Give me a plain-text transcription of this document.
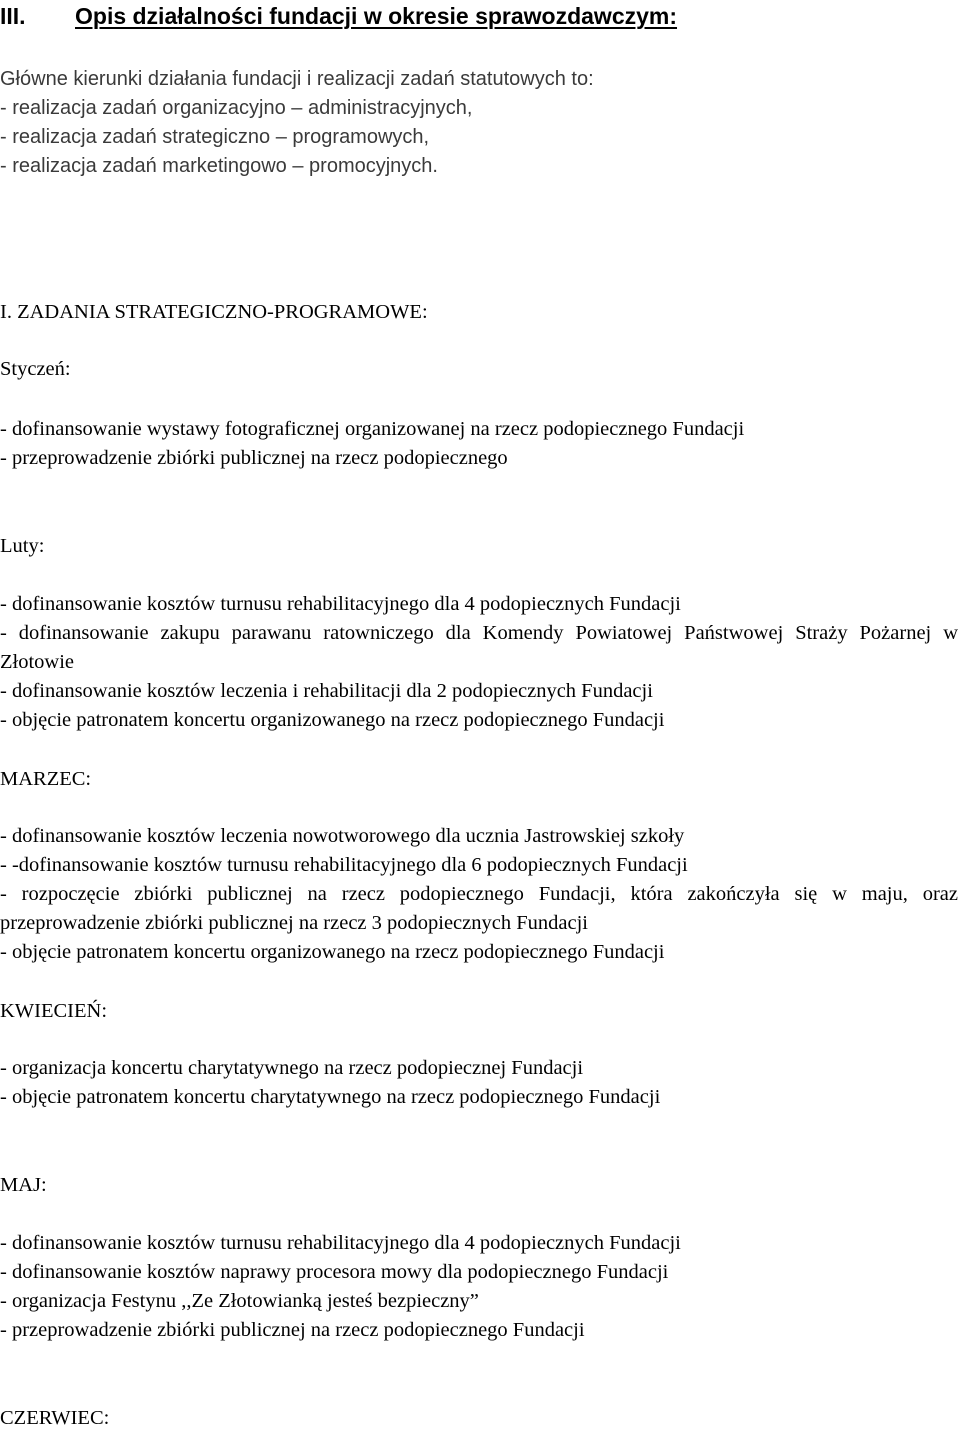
III. Opis działalności fundacji w okresie sprawozdawczym:
Główne kierunki działania fundacji i realizacji zadań statutowych to:
- realizacja zadań organizacyjno – administracyjnych,
- realizacja zadań strategiczno – programowych,
- realizacja zadań marketingowo – promocyjnych.
I. ZADANIA STRATEGICZNO-PROGRAMOWE:
Styczeń:
- dofinansowanie wystawy fotograficznej organizowanej na rzecz podopiecznego Fundacji
- przeprowadzenie zbiórki publicznej na rzecz podopiecznego
Luty:
- dofinansowanie kosztów turnusu rehabilitacyjnego dla 4 podopiecznych Fundacji
- dofinansowanie zakupu parawanu ratowniczego dla Komendy Powiatowej Państwowej Straży Pożarnej w Złotowie
- dofinansowanie kosztów leczenia i rehabilitacji dla 2 podopiecznych Fundacji
- objęcie patronatem koncertu organizowanego na rzecz podopiecznego Fundacji
MARZEC:
- dofinansowanie kosztów leczenia nowotworowego dla ucznia Jastrowskiej szkoły
- -dofinansowanie kosztów turnusu rehabilitacyjnego dla 6 podopiecznych Fundacji
- rozpoczęcie zbiórki publicznej na rzecz podopiecznego Fundacji, która zakończyła się w maju, oraz przeprowadzenie zbiórki publicznej na rzecz 3 podopiecznych Fundacji
- objęcie patronatem koncertu organizowanego na rzecz podopiecznego Fundacji
KWIECIEŃ:
- organizacja koncertu charytatywnego na rzecz podopiecznej Fundacji
- objęcie patronatem koncertu charytatywnego na rzecz podopiecznego Fundacji
MAJ:
- dofinansowanie kosztów turnusu rehabilitacyjnego dla 4 podopiecznych Fundacji
- dofinansowanie kosztów naprawy procesora mowy dla podopiecznego Fundacji
- organizacja Festynu ,,Ze Złotowianką jesteś bezpieczny”
- przeprowadzenie zbiórki publicznej na rzecz podopiecznego Fundacji
CZERWIEC:
